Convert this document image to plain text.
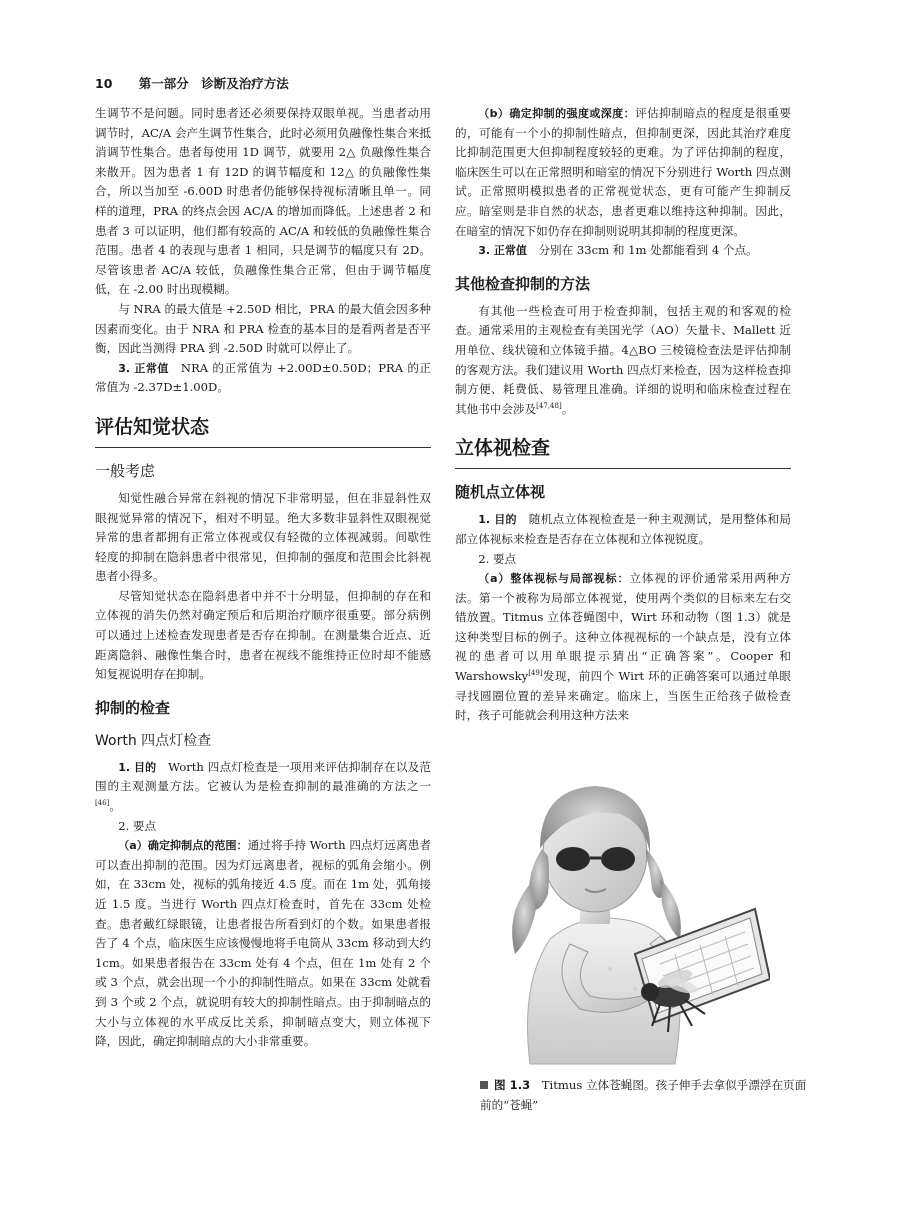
10 第一部分　诊断及治疗方法

生调节不是问题。同时患者还必须要保持双眼单视。当患者动用调节时，AC/A 会产生调节性集合，此时必须用负融像性集合来抵消调节性集合。患者每使用 1D 调节，就要用 2△ 负融像性集合来散开。因为患者 1 有 12D 的调节幅度和 12△ 的负融像性集合，所以当加至 -6.00D 时患者仍能够保持视标清晰且单一。同样的道理，PRA 的终点会因 AC/A 的增加而降低。上述患者 2 和患者 3 可以证明，他们都有较高的 AC/A 和较低的负融像性集合范围。患者 4 的表现与患者 1 相同，只是调节的幅度只有 2D。尽管该患者 AC/A 较低，负融像性集合正常，但由于调节幅度低，在 -2.00 时出现模糊。

与 NRA 的最大值是 +2.50D 相比，PRA 的最大值会因多种因素而变化。由于 NRA 和 PRA 检查的基本目的是看两者是否平衡，因此当测得 PRA 到 -2.50D 时就可以停止了。

3. 正常值　NRA 的正常值为 +2.00D±0.50D；PRA 的正常值为 -2.37D±1.00D。

评估知觉状态
一般考虑

知觉性融合异常在斜视的情况下非常明显，但在非显斜性双眼视觉异常的情况下，相对不明显。绝大多数非显斜性双眼视觉异常的患者都拥有正常立体视或仅有轻微的立体视减弱。间歇性轻度的抑制在隐斜患者中很常见，但抑制的强度和范围会比斜视患者小得多。

尽管知觉状态在隐斜患者中并不十分明显，但抑制的存在和立体视的消失仍然对确定预后和后期治疗顺序很重要。部分病例可以通过上述检查发现患者是否存在抑制。在测量集合近点、近距离隐斜、融像性集合时，患者在视线不能维持正位时却不能感知复视说明存在抑制。

抑制的检查
Worth 四点灯检查

1. 目的　Worth 四点灯检查是一项用来评估抑制存在以及范围的主观测量方法。它被认为是检查抑制的最准确的方法之一[46]。

2. 要点

（a）确定抑制点的范围：通过将手持 Worth 四点灯远离患者可以查出抑制的范围。因为灯远离患者，视标的弧角会缩小。例如，在 33cm 处，视标的弧角接近 4.5 度。而在 1m 处，弧角接近 1.5 度。当进行 Worth 四点灯检查时，首先在 33cm 处检查。患者戴红绿眼镜，让患者报告所看到灯的个数。如果患者报告了 4 个点，临床医生应该慢慢地将手电筒从 33cm 移动到大约 1cm。如果患者报告在 33cm 处有 4 个点，但在 1m 处有 2 个或 3 个点，就会出现一个小的抑制性暗点。如果在 33cm 处就看到 3 个或 2 个点，就说明有较大的抑制性暗点。由于抑制暗点的大小与立体视的水平成反比关系，抑制暗点变大，则立体视下降，因此，确定抑制暗点的大小非常重要。

（b）确定抑制的强度或深度：评估抑制暗点的程度是很重要的，可能有一个小的抑制性暗点，但抑制更深，因此其治疗难度比抑制范围更大但抑制程度较轻的更难。为了评估抑制的程度，临床医生可以在正常照明和暗室的情况下分别进行 Worth 四点测试。正常照明模拟患者的正常视觉状态，更有可能产生抑制反应。暗室则是非自然的状态，患者更难以维持这种抑制。因此，在暗室的情况下如仍存在抑制则说明其抑制的程度更深。

3. 正常值　分别在 33cm 和 1m 处都能看到 4 个点。

其他检查抑制的方法

有其他一些检查可用于检查抑制，包括主观的和客观的检查。通常采用的主观检查有美国光学（AO）矢量卡、Mallett 近用单位、线状镜和立体镜手描。4△BO 三棱镜检查法是评估抑制的客观方法。我们建议用 Worth 四点灯来检查，因为这样检查抑制方便、耗费低、易管理且准确。详细的说明和临床检查过程在其他书中会涉及[47,48]。

立体视检查
随机点立体视

1. 目的　随机点立体视检查是一种主观测试，是用整体和局部立体视标来检查是否存在立体视和立体视锐度。

2. 要点

（a）整体视标与局部视标：立体视的评价通常采用两种方法。第一个被称为局部立体视觉，使用两个类似的目标来左右交错放置。Titmus 立体苍蝇图中，Wirt 环和动物（图 1.3）就是这种类型目标的例子。这种立体视视标的一个缺点是，没有立体视的患者可以用单眼提示猜出“正确答案”。Cooper 和 Warshowsky[49]发现，前四个 Wirt 环的正确答案可以通过单眼寻找圆圈位置的差异来确定。临床上，当医生正给孩子做检查时，孩子可能就会利用这种方法来

图 1.3　Titmus 立体苍蝇图。孩子伸手去拿似乎漂浮在页面前的“苍蝇”
